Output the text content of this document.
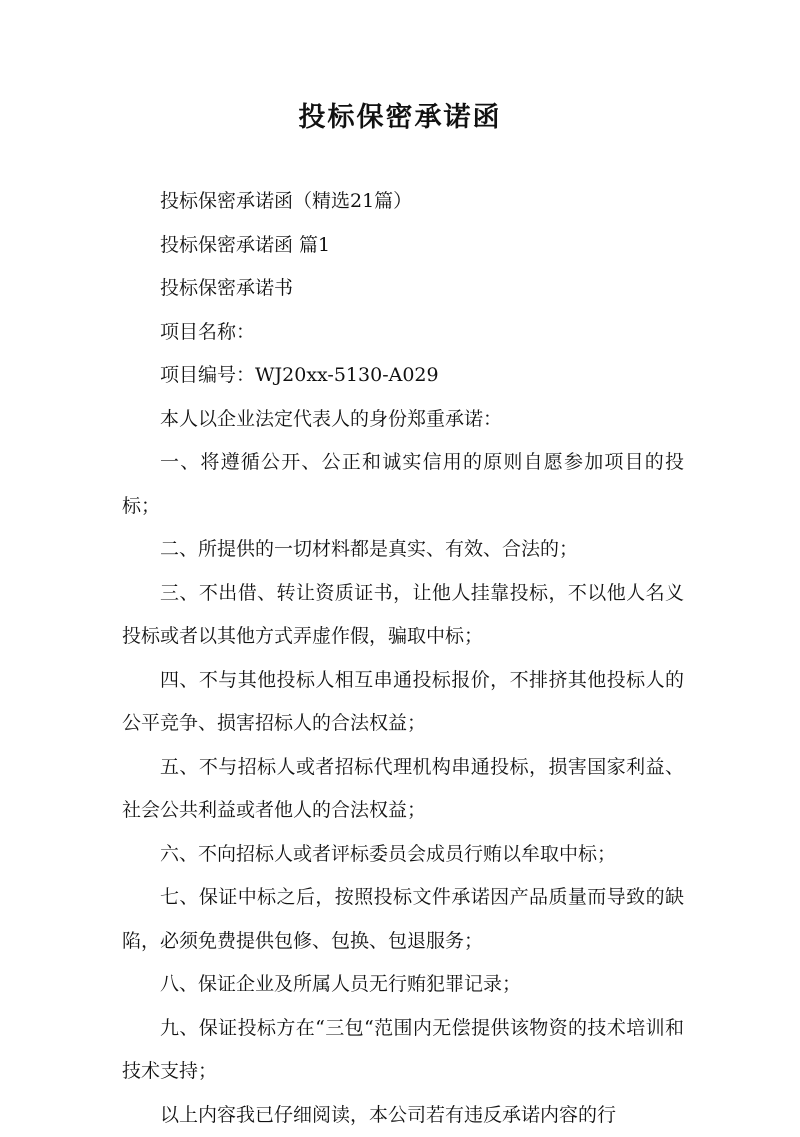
投标保密承诺函

投标保密承诺函（精选21篇）

投标保密承诺函 篇1

投标保密承诺书

项目名称：

项目编号：WJ20xx-5130-A029

本人以企业法定代表人的身份郑重承诺：

一、将遵循公开、公正和诚实信用的原则自愿参加项目的投标；

二、所提供的一切材料都是真实、有效、合法的；

三、不出借、转让资质证书，让他人挂靠投标，不以他人名义投标或者以其他方式弄虚作假，骗取中标；

四、不与其他投标人相互串通投标报价，不排挤其他投标人的公平竞争、损害招标人的合法权益；

五、不与招标人或者招标代理机构串通投标，损害国家利益、社会公共利益或者他人的合法权益；

六、不向招标人或者评标委员会成员行贿以牟取中标；

七、保证中标之后，按照投标文件承诺因产品质量而导致的缺陷，必须免费提供包修、包换、包退服务；

八、保证企业及所属人员无行贿犯罪记录；

九、保证投标方在“三包“范围内无偿提供该物资的技术培训和技术支持；

以上内容我已仔细阅读，本公司若有违反承诺内容的行
